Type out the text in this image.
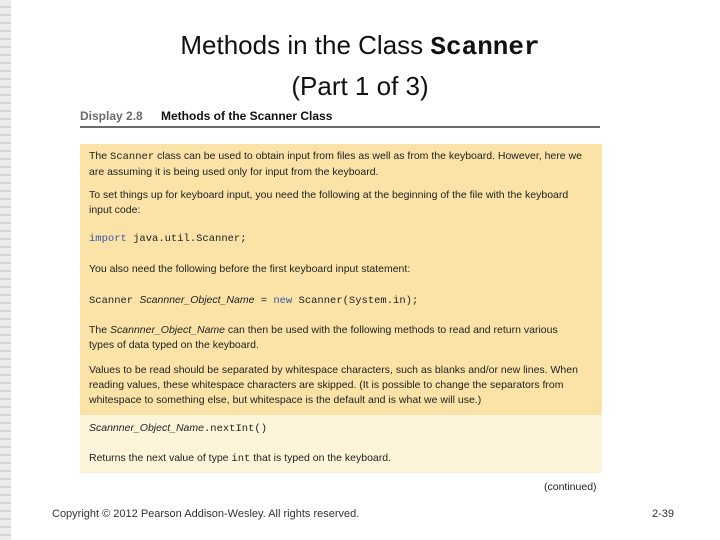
Methods in the Class Scanner
(Part 1 of 3)
Display 2.8 Methods of the Scanner Class
The Scanner class can be used to obtain input from files as well as from the keyboard. However, here we
are assuming it is being used only for input from the keyboard.
To set things up for keyboard input, you need the following at the beginning of the file with the keyboard
input code:
import java.util.Scanner;
You also need the following before the first keyboard input statement:
Scanner Scannner_Object_Name = new Scanner(System.in);
The Scannner_Object_Name can then be used with the following methods to read and return various
types of data typed on the keyboard.
Values to be read should be separated by whitespace characters, such as blanks and/or new lines. When
reading values, these whitespace characters are skipped. (It is possible to change the separators from
whitespace to something else, but whitespace is the default and is what we will use.)
Scannner_Object_Name.nextInt()
Returns the next value of type int that is typed on the keyboard.
(continued)
Copyright © 2012 Pearson Addison-Wesley. All rights reserved.	2-39
